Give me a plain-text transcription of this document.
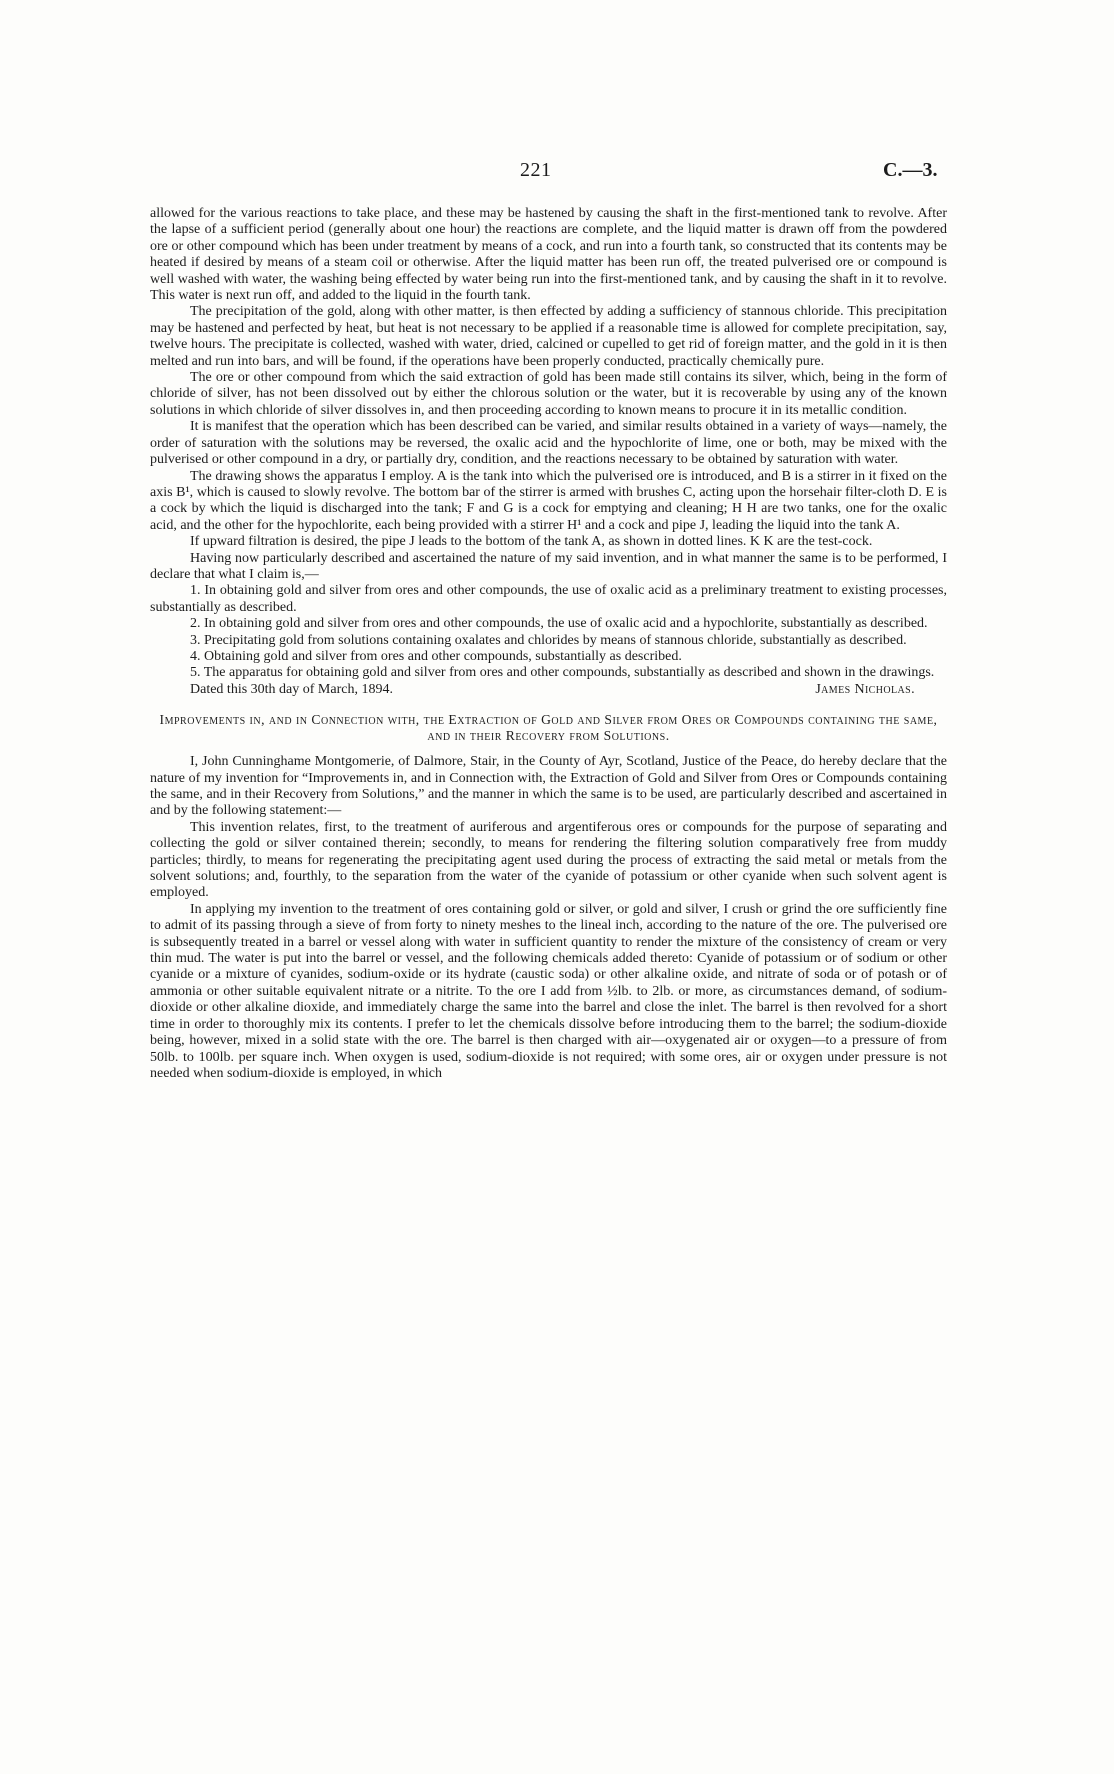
221	C.—3.

allowed for the various reactions to take place, and these may be hastened by causing the shaft in the first-mentioned tank to revolve. After the lapse of a sufficient period (generally about one hour) the reactions are complete, and the liquid matter is drawn off from the powdered ore or other compound which has been under treatment by means of a cock, and run into a fourth tank, so constructed that its contents may be heated if desired by means of a steam coil or otherwise. After the liquid matter has been run off, the treated pulverised ore or compound is well washed with water, the washing being effected by water being run into the first-mentioned tank, and by causing the shaft in it to revolve. This water is next run off, and added to the liquid in the fourth tank.

The precipitation of the gold, along with other matter, is then effected by adding a sufficiency of stannous chloride. This precipitation may be hastened and perfected by heat, but heat is not necessary to be applied if a reasonable time is allowed for complete precipitation, say, twelve hours. The precipitate is collected, washed with water, dried, calcined or cupelled to get rid of foreign matter, and the gold in it is then melted and run into bars, and will be found, if the operations have been properly conducted, practically chemically pure.

The ore or other compound from which the said extraction of gold has been made still contains its silver, which, being in the form of chloride of silver, has not been dissolved out by either the chlorous solution or the water, but it is recoverable by using any of the known solutions in which chloride of silver dissolves in, and then proceeding according to known means to procure it in its metallic condition.

It is manifest that the operation which has been described can be varied, and similar results obtained in a variety of ways—namely, the order of saturation with the solutions may be reversed, the oxalic acid and the hypochlorite of lime, one or both, may be mixed with the pulverised or other compound in a dry, or partially dry, condition, and the reactions necessary to be obtained by saturation with water.

The drawing shows the apparatus I employ. A is the tank into which the pulverised ore is introduced, and B is a stirrer in it fixed on the axis B¹, which is caused to slowly revolve. The bottom bar of the stirrer is armed with brushes C, acting upon the horsehair filter-cloth D. E is a cock by which the liquid is discharged into the tank; F and G is a cock for emptying and cleaning; H H are two tanks, one for the oxalic acid, and the other for the hypochlorite, each being provided with a stirrer H¹ and a cock and pipe J, leading the liquid into the tank A.

If upward filtration is desired, the pipe J leads to the bottom of the tank A, as shown in dotted lines. K K are the test-cock.

Having now particularly described and ascertained the nature of my said invention, and in what manner the same is to be performed, I declare that what I claim is,—

1. In obtaining gold and silver from ores and other compounds, the use of oxalic acid as a preliminary treatment to existing processes, substantially as described.

2. In obtaining gold and silver from ores and other compounds, the use of oxalic acid and a hypochlorite, substantially as described.

3. Precipitating gold from solutions containing oxalates and chlorides by means of stannous chloride, substantially as described.

4. Obtaining gold and silver from ores and other compounds, substantially as described.

5. The apparatus for obtaining gold and silver from ores and other compounds, substantially as described and shown in the drawings.

James Nicholas.
Dated this 30th day of March, 1894.

Improvements in, and in Connection with, the Extraction of Gold and Silver from Ores or Compounds containing the same, and in their Recovery from Solutions.

I, John Cunninghame Montgomerie, of Dalmore, Stair, in the County of Ayr, Scotland, Justice of the Peace, do hereby declare that the nature of my invention for “Improvements in, and in Connection with, the Extraction of Gold and Silver from Ores or Compounds containing the same, and in their Recovery from Solutions,” and the manner in which the same is to be used, are particularly described and ascertained in and by the following statement:—

This invention relates, first, to the treatment of auriferous and argentiferous ores or compounds for the purpose of separating and collecting the gold or silver contained therein; secondly, to means for rendering the filtering solution comparatively free from muddy particles; thirdly, to means for regenerating the precipitating agent used during the process of extracting the said metal or metals from the solvent solutions; and, fourthly, to the separation from the water of the cyanide of potassium or other cyanide when such solvent agent is employed.

In applying my invention to the treatment of ores containing gold or silver, or gold and silver, I crush or grind the ore sufficiently fine to admit of its passing through a sieve of from forty to ninety meshes to the lineal inch, according to the nature of the ore. The pulverised ore is subsequently treated in a barrel or vessel along with water in sufficient quantity to render the mixture of the consistency of cream or very thin mud. The water is put into the barrel or vessel, and the following chemicals added thereto: Cyanide of potassium or of sodium or other cyanide or a mixture of cyanides, sodium-oxide or its hydrate (caustic soda) or other alkaline oxide, and nitrate of soda or of potash or of ammonia or other suitable equivalent nitrate or a nitrite. To the ore I add from ½lb. to 2lb. or more, as circumstances demand, of sodium-dioxide or other alkaline dioxide, and immediately charge the same into the barrel and close the inlet. The barrel is then revolved for a short time in order to thoroughly mix its contents. I prefer to let the chemicals dissolve before introducing them to the barrel; the sodium-dioxide being, however, mixed in a solid state with the ore. The barrel is then charged with air—oxygenated air or oxygen—to a pressure of from 50lb. to 100lb. per square inch. When oxygen is used, sodium-dioxide is not required; with some ores, air or oxygen under pressure is not needed when sodium-dioxide is employed, in which
